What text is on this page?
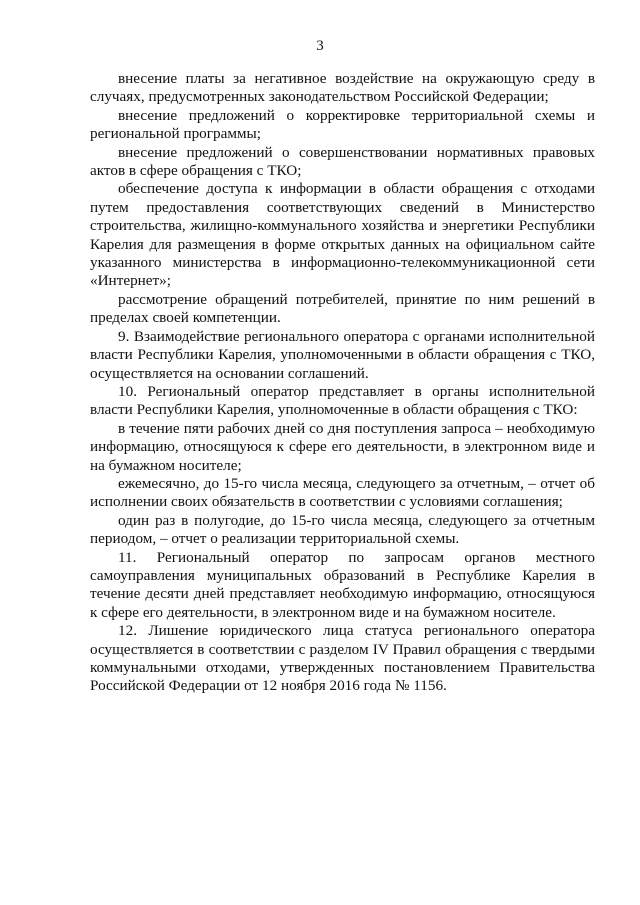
3

внесение платы за негативное воздействие на окружающую среду в случаях, предусмотренных законодательством Российской Федерации;

внесение предложений о корректировке территориальной схемы и региональной программы;

внесение предложений о совершенствовании нормативных правовых актов в сфере обращения с ТКО;

обеспечение доступа к информации в области обращения с отходами путем предоставления соответствующих сведений в Министерство строительства, жилищно-коммунального хозяйства и энергетики Республики Карелия для размещения в форме открытых данных на официальном сайте указанного министерства в информационно-телекоммуникационной сети «Интернет»;

рассмотрение обращений потребителей, принятие по ним решений в пределах своей компетенции.

9. Взаимодействие регионального оператора с органами исполнительной власти Республики Карелия, уполномоченными в области обращения с ТКО, осуществляется на основании соглашений.

10. Региональный оператор представляет в органы исполнительной власти Республики Карелия, уполномоченные в области обращения с ТКО:

в течение пяти рабочих дней со дня поступления запроса – необходимую информацию, относящуюся к сфере его деятельности, в электронном виде и на бумажном носителе;

ежемесячно, до 15-го числа месяца, следующего за отчетным, – отчет об исполнении своих обязательств в соответствии с условиями соглашения;

один раз в полугодие, до 15-го числа месяца, следующего за отчетным периодом, – отчет о реализации территориальной схемы.

11. Региональный оператор по запросам органов местного самоуправления муниципальных образований в Республике Карелия в течение десяти дней представляет необходимую информацию, относящуюся к сфере его деятельности, в электронном виде и на бумажном носителе.

12. Лишение юридического лица статуса регионального оператора осуществляется в соответствии с разделом IV Правил обращения с твердыми коммунальными отходами, утвержденных постановлением Правительства Российской Федерации от 12 ноября 2016 года № 1156.
